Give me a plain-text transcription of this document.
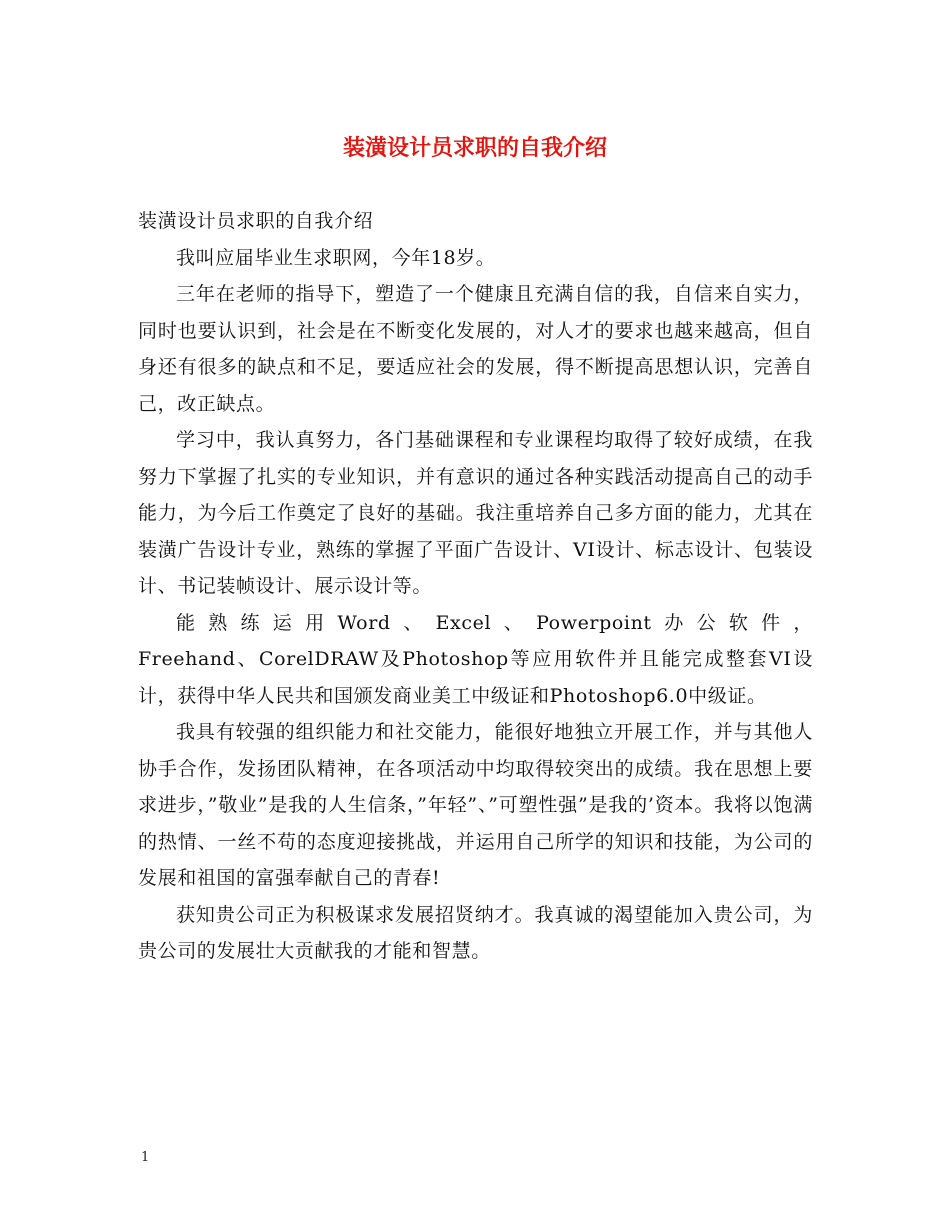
装潢设计员求职的自我介绍

装潢设计员求职的自我介绍

我叫应届毕业生求职网，今年18岁。

三年在老师的指导下，塑造了一个健康且充满自信的我，自信来自实力，同时也要认识到，社会是在不断变化发展的，对人才的要求也越来越高，但自身还有很多的缺点和不足，要适应社会的发展，得不断提高思想认识，完善自己，改正缺点。

学习中，我认真努力，各门基础课程和专业课程均取得了较好成绩，在我努力下掌握了扎实的专业知识，并有意识的通过各种实践活动提高自己的动手能力，为今后工作奠定了良好的基础。我注重培养自己多方面的能力，尤其在装潢广告设计专业，熟练的掌握了平面广告设计、VI设计、标志设计、包装设计、书记装帧设计、展示设计等。

能熟练运用Word、Excel、Powerpoint办公软件，

Freehand、CorelDRAW及Photoshop等应用软件并且能完成整套VI设计，获得中华人民共和国颁发商业美工中级证和Photoshop6.0中级证。

我具有较强的组织能力和社交能力，能很好地独立开展工作，并与其他人协手合作，发扬团队精神，在各项活动中均取得较突出的成绩。我在思想上要求进步，”敬业”是我的人生信条，”年轻”、”可塑性强”是我的’资本。我将以饱满的热情、一丝不苟的态度迎接挑战，并运用自己所学的知识和技能，为公司的发展和祖国的富强奉献自己的青春!

获知贵公司正为积极谋求发展招贤纳才。我真诚的渴望能加入贵公司，为贵公司的发展壮大贡献我的才能和智慧。

1
